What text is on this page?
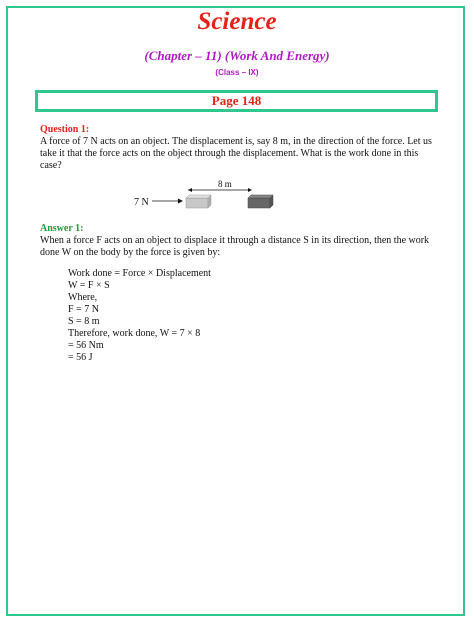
Science
(Chapter – 11) (Work And Energy)
(Class – IX)
Page 148
Question 1:
A force of 7 N acts on an object. The displacement is, say 8 m, in the direction of the force. Let us
take it that the force acts on the object through the displacement. What is the work done in this
case?
7 N
8 m
Answer 1:
When a force F acts on an object to displace it through a distance S in its direction, then the work
done W on the body by the force is given by:
Work done = Force × Displacement
W = F × S
Where,
F = 7 N
S = 8 m
Therefore, work done, W = 7 × 8
= 56 Nm
= 56 J
